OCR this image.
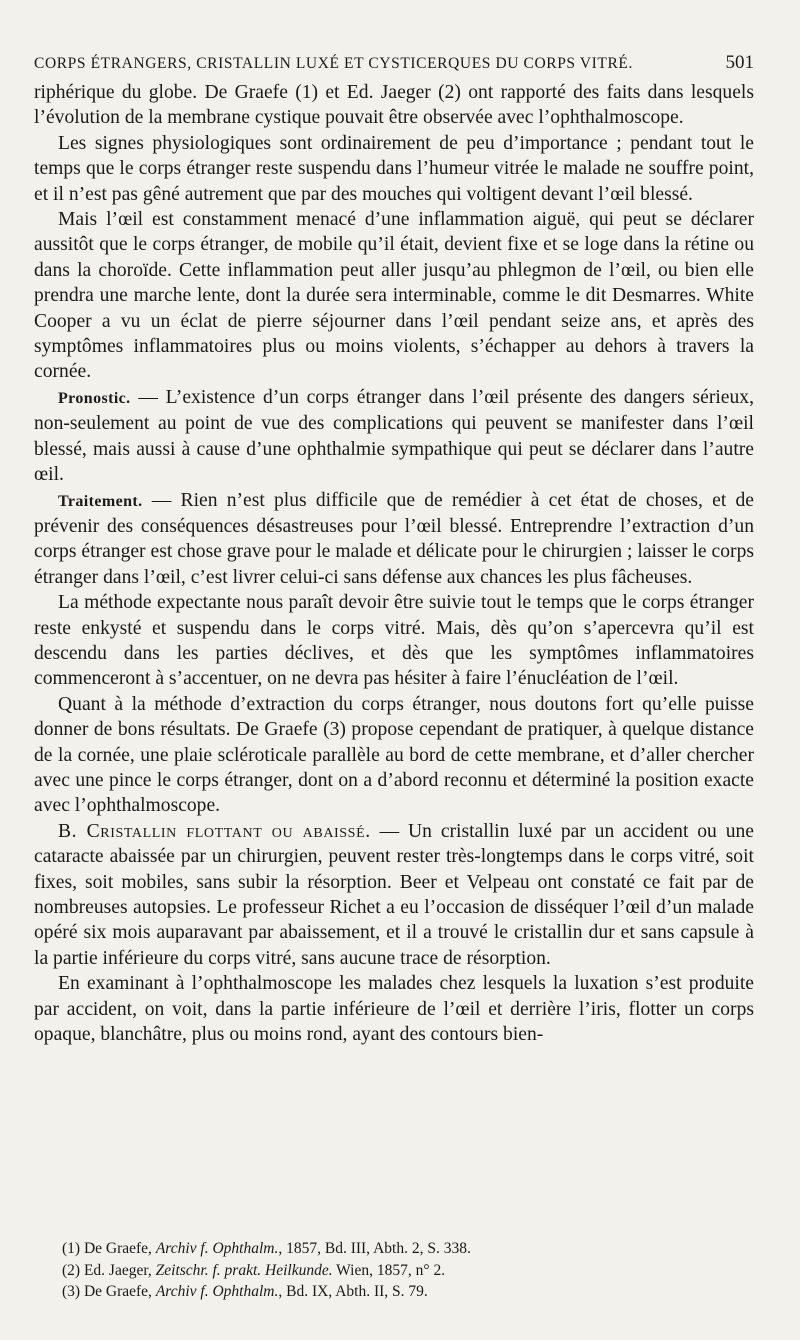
CORPS ÉTRANGERS, CRISTALLIN LUXÉ ET CYSTICERQUES DU CORPS VITRÉ.	501

riphérique du globe. De Graefe (1) et Ed. Jaeger (2) ont rapporté des faits dans lesquels l’évolution de la membrane cystique pouvait être observée avec l’ophthalmoscope.

Les signes physiologiques sont ordinairement de peu d’importance ; pendant tout le temps que le corps étranger reste suspendu dans l’humeur vitrée le malade ne souffre point, et il n’est pas gêné autrement que par des mouches qui voltigent devant l’œil blessé.

Mais l’œil est constamment menacé d’une inflammation aiguë, qui peut se déclarer aussitôt que le corps étranger, de mobile qu’il était, devient fixe et se loge dans la rétine ou dans la choroïde. Cette inflammation peut aller jusqu’au phlegmon de l’œil, ou bien elle prendra une marche lente, dont la durée sera interminable, comme le dit Desmarres. White Cooper a vu un éclat de pierre séjourner dans l’œil pendant seize ans, et après des symptômes inflammatoires plus ou moins violents, s’échapper au dehors à travers la cornée.

Pronostic. — L’existence d’un corps étranger dans l’œil présente des dangers sérieux, non-seulement au point de vue des complications qui peuvent se manifester dans l’œil blessé, mais aussi à cause d’une ophthalmie sympathique qui peut se déclarer dans l’autre œil.

Traitement. — Rien n’est plus difficile que de remédier à cet état de choses, et de prévenir des conséquences désastreuses pour l’œil blessé. Entreprendre l’extraction d’un corps étranger est chose grave pour le malade et délicate pour le chirurgien ; laisser le corps étranger dans l’œil, c’est livrer celui-ci sans défense aux chances les plus fâcheuses.

La méthode expectante nous paraît devoir être suivie tout le temps que le corps étranger reste enkysté et suspendu dans le corps vitré. Mais, dès qu’on s’apercevra qu’il est descendu dans les parties déclives, et dès que les symptômes inflammatoires commenceront à s’accentuer, on ne devra pas hésiter à faire l’énucléation de l’œil.

Quant à la méthode d’extraction du corps étranger, nous doutons fort qu’elle puisse donner de bons résultats. De Graefe (3) propose cependant de pratiquer, à quelque distance de la cornée, une plaie scléroticale parallèle au bord de cette membrane, et d’aller chercher avec une pince le corps étranger, dont on a d’abord reconnu et déterminé la position exacte avec l’ophthalmoscope.

B. Cristallin flottant ou abaissé. — Un cristallin luxé par un accident ou une cataracte abaissée par un chirurgien, peuvent rester très-longtemps dans le corps vitré, soit fixes, soit mobiles, sans subir la résorption. Beer et Velpeau ont constaté ce fait par de nombreuses autopsies. Le professeur Richet a eu l’occasion de disséquer l’œil d’un malade opéré six mois auparavant par abaissement, et il a trouvé le cristallin dur et sans capsule à la partie inférieure du corps vitré, sans aucune trace de résorption.

En examinant à l’ophthalmoscope les malades chez lesquels la luxation s’est produite par accident, on voit, dans la partie inférieure de l’œil et derrière l’iris, flotter un corps opaque, blanchâtre, plus ou moins rond, ayant des contours bien-

(1) De Graefe, Archiv f. Ophthalm., 1857, Bd. III, Abth. 2, S. 338.
(2) Ed. Jaeger, Zeitschr. f. prakt. Heilkunde. Wien, 1857, n° 2.
(3) De Graefe, Archiv f. Ophthalm., Bd. IX, Abth. II, S. 79.
